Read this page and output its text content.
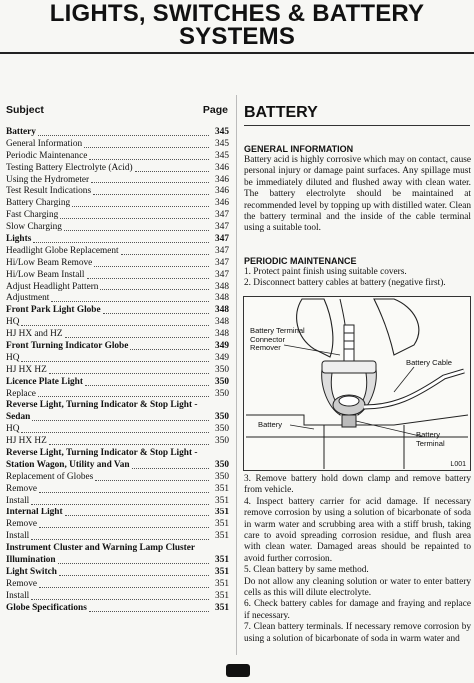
LIGHTS, SWITCHES & BATTERY
SYSTEMS
Subject	Page
Battery	345
General Information	345
Periodic Maintenance	345
Testing Battery Electrolyte (Acid)	346
Using the Hydrometer	346
Test Result Indications	346
Battery Charging	346
Fast Charging	347
Slow Charging	347
Lights	347
Headlight Globe Replacement	347
Hi/Low Beam Remove	347
Hi/Low Beam Install	347
Adjust Headlight Pattern	348
Adjustment	348
Front Park Light Globe	348
HQ	348
HJ HX and HZ	348
Front Turning Indicator Globe	349
HQ	349
HJ HX HZ	350
Licence Plate Light	350
Replace	350
Reverse Light, Turning Indicator & Stop Light -
Sedan	350
HQ	350
HJ HX HZ	350
Reverse Light, Turning Indicator & Stop Light -
Station Wagon, Utility and Van	350
Replacement of Globes	350
Remove	351
Install	351
Internal Light	351
Remove	351
Install	351
Instrument Cluster and Warning Lamp Cluster
Illumination	351
Light Switch	351
Remove	351
Install	351
Globe Specifications	351
BATTERY
GENERAL INFORMATION
Battery acid is highly corrosive which may on contact, cause personal injury or damage paint surfaces. Any spillage must be immediately diluted and flushed away with clean water. The battery electrolyte should be maintained at recommended level by topping up with distilled water. Clean the battery terminal and the inside of the cable terminal using a suitable tool.
PERIODIC MAINTENANCE
1. Protect paint finish using suitable covers.
2. Disconnect battery cables at battery (negative first).
Battery Terminal Connector Remover
Battery Cable
Battery
Battery Terminal
L001
3. Remove battery hold down clamp and remove battery from vehicle.
4. Inspect battery carrier for acid damage. If necessary remove corrosion by using a solution of bicarbonate of soda in warm water and scrubbing area with a stiff brush, taking care to avoid spreading corrosion residue, and flush area with clean water. Damaged areas should be repainted to avoid further corrosion.
5. Clean battery by same method.
Do not allow any cleaning solution or water to enter battery cells as this will dilute electrolyte.
6. Check battery cables for damage and fraying and replace if necessary.
7. Clean battery terminals. If necessary remove corrosion by using a solution of bicarbonate of soda in warm water and
